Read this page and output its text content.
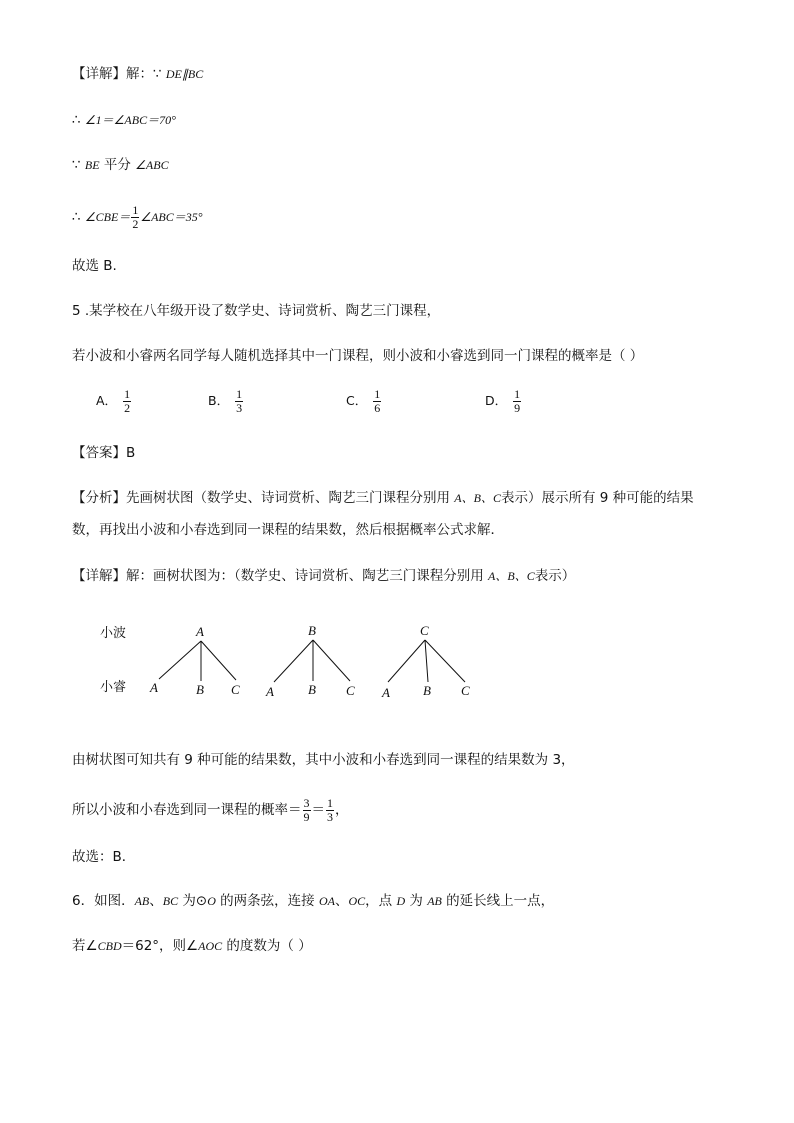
【详解】解：∵ DE∥BC
∴ ∠1＝∠ABC＝70°
∵ BE 平分 ∠ABC
∴ ∠CBE＝ $\frac{1}{2}$ ∠ABC＝35°
故选 B.
5 .某学校在八年级开设了数学史、诗词赏析、陶艺三门课程，
若小波和小睿两名同学每人随机选择其中一门课程，则小波和小睿选到同一门课程的概率是（ ）
A． $\frac{1}{2}$	B． $\frac{1}{3}$	C． $\frac{1}{6}$	D． $\frac{1}{9}$
【答案】B
【分析】先画树状图（数学史、诗词赏析、陶艺三门课程分别用 A、B、C表示）展示所有 9 种可能的结果
数，再找出小波和小春选到同一课程的结果数，然后根据概率公式求解．
【详解】解：画树状图为：（数学史、诗词赏析、陶艺三门课程分别用 A、B、C表示）
小波
小睿
A	B	C
A	B C A	B C A	B C
由树状图可知共有 9 种可能的结果数，其中小波和小春选到同一课程的结果数为 3，
所以小波和小春选到同一课程的概率＝ $\frac{3}{9} = \frac{1}{3}$ ，
故选：B．
6．如图．AB、BC 为⊙O 的两条弦，连接 OA、OC，点 D 为 AB 的延长线上一点，
若∠CBD＝62°，则∠AOC 的度数为（ ）
